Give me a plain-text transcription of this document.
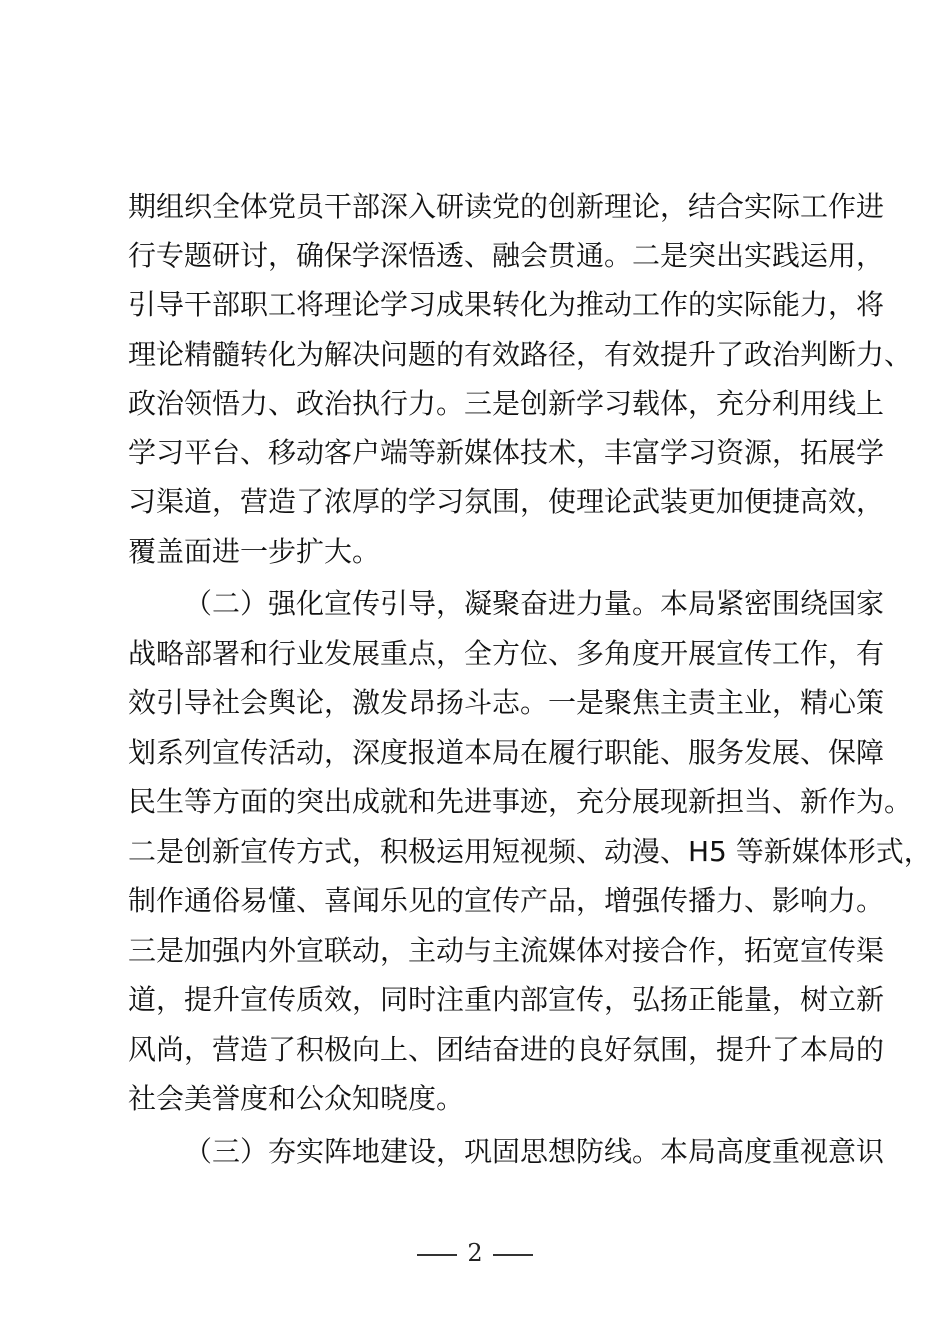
期组织全体党员干部深入研读党的创新理论，结合实际工作进
行专题研讨，确保学深悟透、融会贯通。二是突出实践运用，
引导干部职工将理论学习成果转化为推动工作的实际能力，将
理论精髓转化为解决问题的有效路径，有效提升了政治判断力、
政治领悟力、政治执行力。三是创新学习载体，充分利用线上
学习平台、移动客户端等新媒体技术，丰富学习资源，拓展学
习渠道，营造了浓厚的学习氛围，使理论武装更加便捷高效，
覆盖面进一步扩大。
（二）强化宣传引导，凝聚奋进力量。本局紧密围绕国家
战略部署和行业发展重点，全方位、多角度开展宣传工作，有
效引导社会舆论，激发昂扬斗志。一是聚焦主责主业，精心策
划系列宣传活动，深度报道本局在履行职能、服务发展、保障
民生等方面的突出成就和先进事迹，充分展现新担当、新作为。
二是创新宣传方式，积极运用短视频、动漫、H5 等新媒体形式，
制作通俗易懂、喜闻乐见的宣传产品，增强传播力、影响力。
三是加强内外宣联动，主动与主流媒体对接合作，拓宽宣传渠
道，提升宣传质效，同时注重内部宣传，弘扬正能量，树立新
风尚，营造了积极向上、团结奋进的良好氛围，提升了本局的
社会美誉度和公众知晓度。
（三）夯实阵地建设，巩固思想防线。本局高度重视意识
2
